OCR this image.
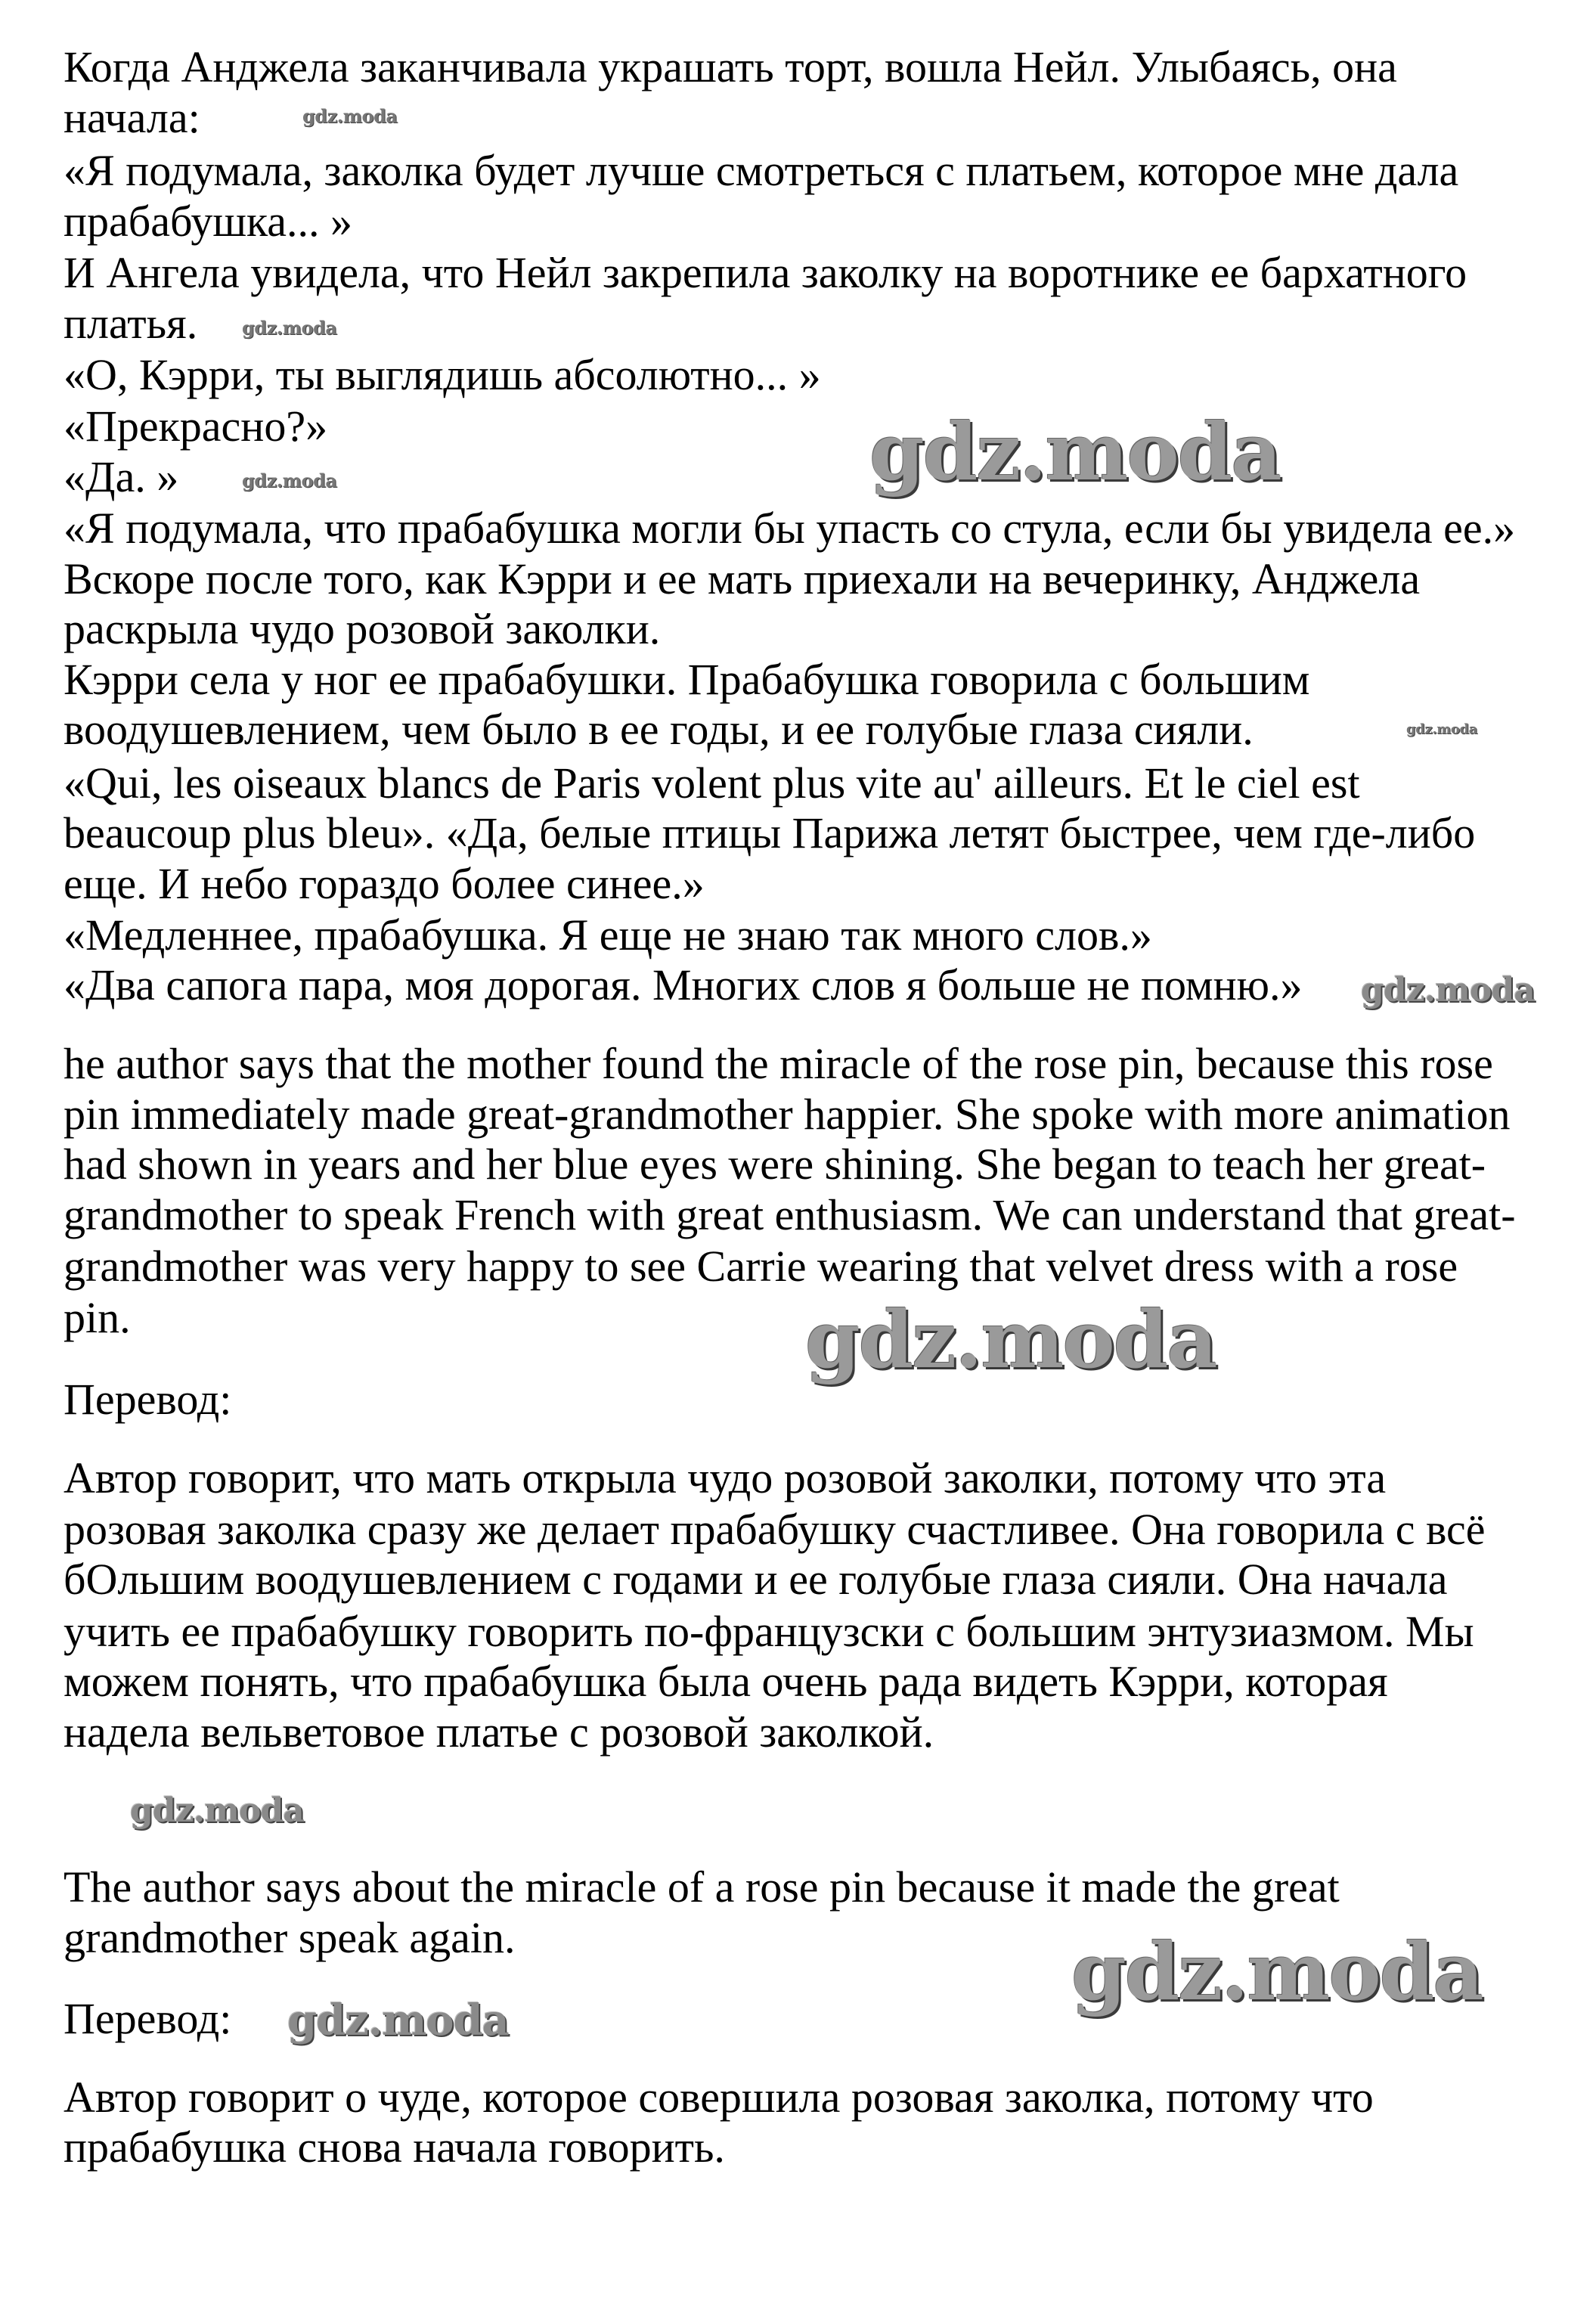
Когда Анджела заканчивала украшать торт, вошла Нейл. Улыбаясь, она
начала:
«Я подумала, заколка будет лучше смотреться с платьем, которое мне дала
прабабушка... »
И Ангела увидела, что Нейл закрепила заколку на воротнике ее бархатного
платья.
«О, Кэрри, ты выглядишь абсолютно... »
«Прекрасно?»
«Да. »
«Я подумала, что прабабушка могли бы упасть со стула, если бы увидела ее.»
Вскоре после того, как Кэрри и ее мать приехали на вечеринку, Анджела
раскрыла чудо розовой заколки.
Кэрри села у ног ее прабабушки. Прабабушка говорила с большим
воодушевлением, чем было в ее годы, и ее голубые глаза сияли.
«Qui, les oiseaux blancs de Paris volent plus vite au' ailleurs. Et le ciel est
beaucoup plus bleu». «Да, белые птицы Парижа летят быстрее, чем где-либо
еще. И небо гораздо более синее.»
«Медленнее, прабабушка. Я еще не знаю так много слов.»
«Два сапога пара, моя дорогая. Многих слов я больше не помню.»
he author says that the mother found the miracle of the rose pin, because this rose
pin immediately made great-grandmother happier. She spoke with more animation
had shown in years and her blue eyes were shining. She began to teach her great-
grandmother to speak French with great enthusiasm. We can understand that great-
grandmother was very happy to see Carrie wearing that velvet dress with a rose
pin.
Перевод:
Автор говорит, что мать открыла чудо розовой заколки, потому что эта
розовая заколка сразу же делает прабабушку счастливее. Она говорила с всё
бОльшим воодушевлением с годами и ее голубые глаза сияли. Она начала
учить ее прабабушку говорить по-французски с большим энтузиазмом. Мы
можем понять, что прабабушка была очень рада видеть Кэрри, которая
надела вельветовое платье с розовой заколкой.
The author says about the miracle of a rose pin because it made the great
grandmother speak again.
Перевод:
Автор говорит о чуде, которое совершила розовая заколка, потому что
прабабушка снова начала говорить.
gdz.moda
gdz.moda
gdz.moda
gdz.moda
gdz.moda
gdz.moda
gdz.moda
gdz.moda
gdz.moda
gdz.moda
